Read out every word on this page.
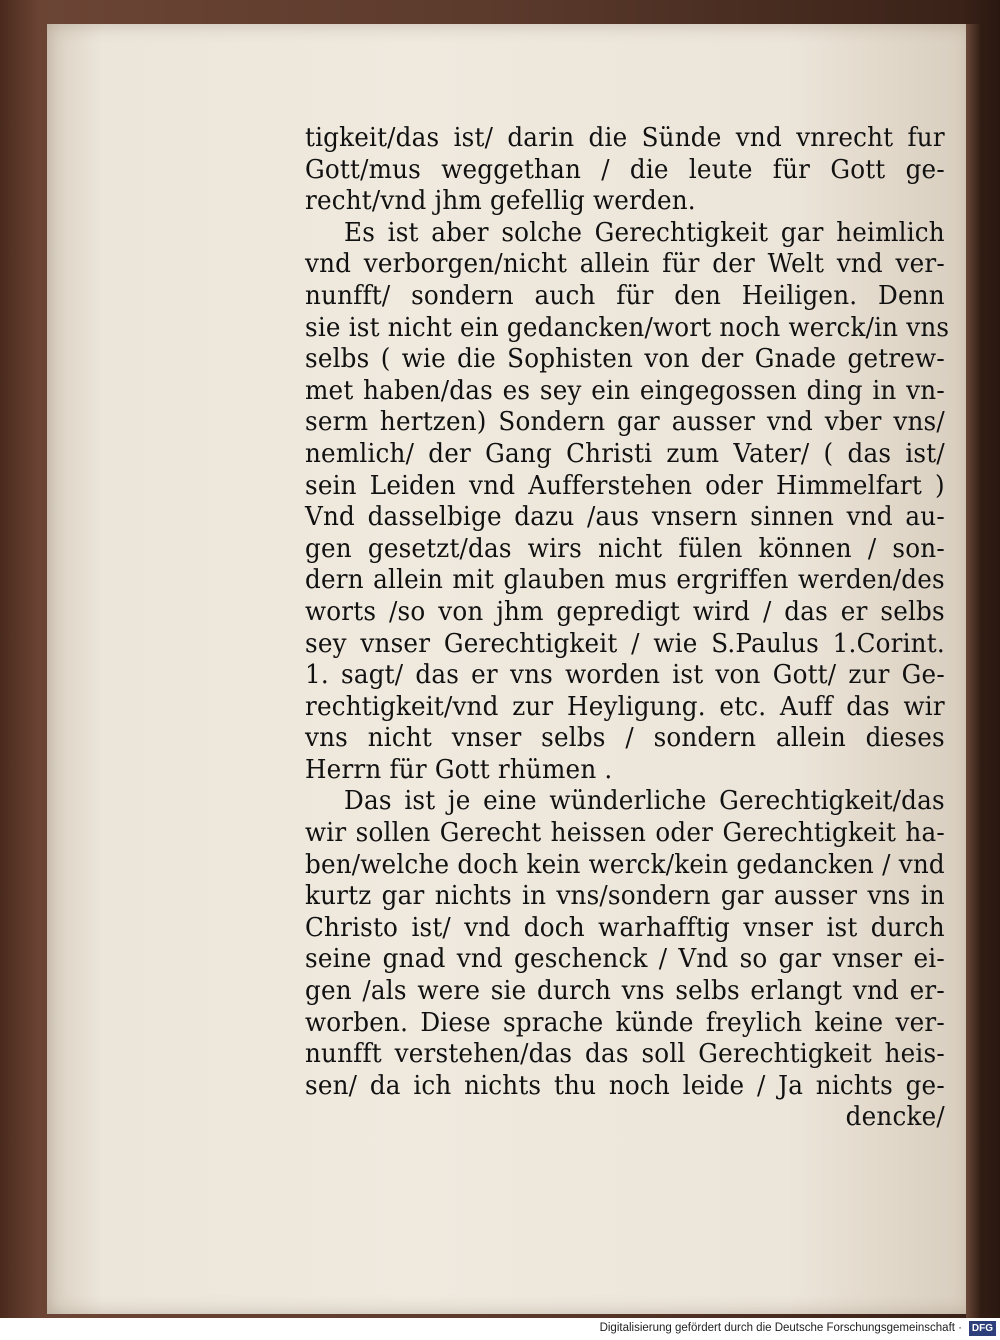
tigkeit/das ist/ darin die Sünde vnd vnrecht fur
Gott/mus weggethan / die leute für Gott ge-
recht/vnd jhm gefellig werden.
Es ist aber solche Gerechtigkeit gar heimlich
vnd verborgen/nicht allein für der Welt vnd ver-
nunfft/ sondern auch für den Heiligen. Denn
sie ist nicht ein gedancken/wort noch werck/in vns
selbs ( wie die Sophisten von der Gnade getrew-
met haben/das es sey ein eingegossen ding in vn-
serm hertzen) Sondern gar ausser vnd vber vns/
nemlich/ der Gang Christi zum Vater/ ( das ist/
sein Leiden vnd Aufferstehen oder Himmelfart )
Vnd dasselbige dazu /aus vnsern sinnen vnd au-
gen gesetzt/das wirs nicht fülen können / son-
dern allein mit glauben mus ergriffen werden/des
worts /so von jhm gepredigt wird / das er selbs
sey vnser Gerechtigkeit / wie S.Paulus 1.Corint.
1. sagt/ das er vns worden ist von Gott/ zur Ge-
rechtigkeit/vnd zur Heyligung. etc. Auff das wir
vns nicht vnser selbs / sondern allein dieses
Herrn für Gott rhümen .
Das ist je eine wünderliche Gerechtigkeit/das
wir sollen Gerecht heissen oder Gerechtigkeit ha-
ben/welche doch kein werck/kein gedancken / vnd
kurtz gar nichts in vns/sondern gar ausser vns in
Christo ist/ vnd doch warhafftig vnser ist durch
seine gnad vnd geschenck / Vnd so gar vnser ei-
gen /als were sie durch vns selbs erlangt vnd er-
worben. Diese sprache künde freylich keine ver-
nunfft verstehen/das das soll Gerechtigkeit heis-
sen/ da ich nichts thu noch leide / Ja nichts ge-
dencke/
Digitalisierung gefördert durch die Deutsche Forschungsgemeinschaft · DFG
